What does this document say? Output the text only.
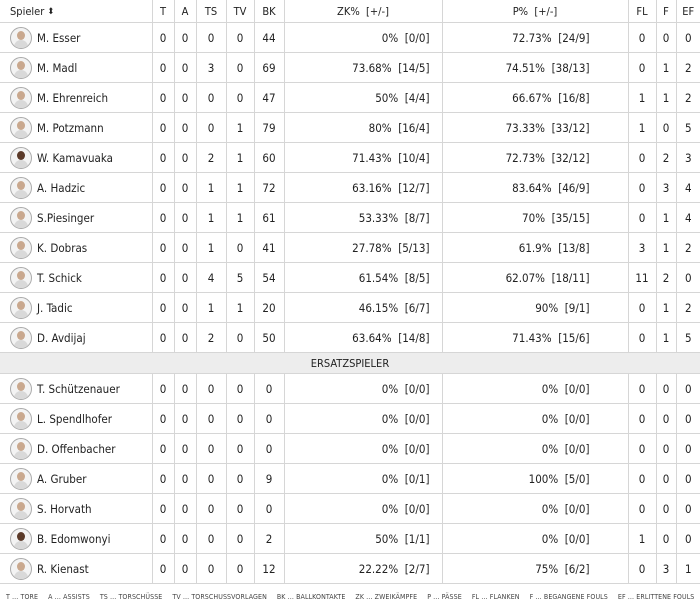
Spieler ⬍	T	A	TS	TV	BK	ZK% [+/-]	P% [+/-]	FL	F	EF

M. Esser	0	0	0	0	44	0% [0/0]	72.73% [24/9]	0	0	0

M. Madl	0	0	3	0	69	73.68% [14/5]	74.51% [38/13]	0	1	2

M. Ehrenreich	0	0	0	0	47	50% [4/4]	66.67% [16/8]	1	1	2

M. Potzmann	0	0	0	1	79	80% [16/4]	73.33% [33/12]	1	0	5

W. Kamavuaka	0	0	2	1	60	71.43% [10/4]	72.73% [32/12]	0	2	3

A. Hadzic	0	0	1	1	72	63.16% [12/7]	83.64% [46/9]	0	3	4

S.Piesinger	0	0	1	1	61	53.33% [8/7]	70% [35/15]	0	1	4

K. Dobras	0	0	1	0	41	27.78% [5/13]	61.9% [13/8]	3	1	2

T. Schick	0	0	4	5	54	61.54% [8/5]	62.07% [18/11]	11	2	0

J. Tadic	0	0	1	1	20	46.15% [6/7]	90% [9/1]	0	1	2

D. Avdijaj	0	0	2	0	50	63.64% [14/8]	71.43% [15/6]	0	1	5
ERSATZSPIELER										

T. Schützenauer	0	0	0	0	0	0% [0/0]	0% [0/0]	0	0	0

L. Spendlhofer	0	0	0	0	0	0% [0/0]	0% [0/0]	0	0	0

D. Offenbacher	0	0	0	0	0	0% [0/0]	0% [0/0]	0	0	0

A. Gruber	0	0	0	0	9	0% [0/1]	100% [5/0]	0	0	0

S. Horvath	0	0	0	0	0	0% [0/0]	0% [0/0]	0	0	0

B. Edomwonyi	0	0	0	0	2	50% [1/1]	0% [0/0]	1	0	0

R. Kienast	0	0	0	0	12	22.22% [2/7]	75% [6/2]	0	3	1
T … TORE A … ASSISTS TS … TORSCHÜSSE TV … TORSCHUSSVORLAGEN BK … BALLKONTAKTE ZK … ZWEIKÄMPFE P … PÄSSE FL … FLANKEN F … BEGANGENE FOULS EF … ERLITTENE FOULS
